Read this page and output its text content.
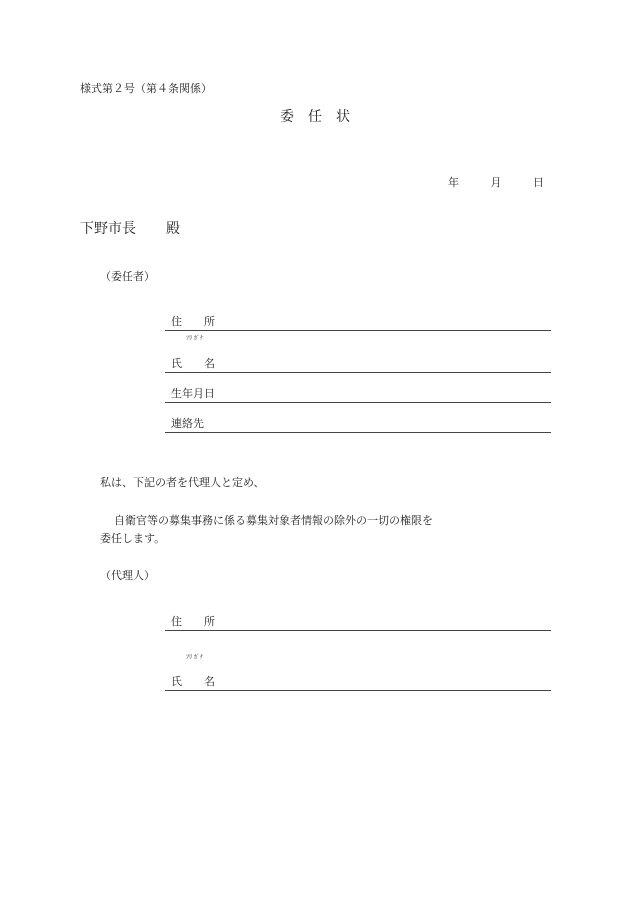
様式第２号（第４条関係）
委任状
年	月	日
下野市長 殿
（委任者）
住所
ﾌﾘ ｶﾞﾅ
氏名
生年月日
連絡先
私は、下記の者を代理人と定め、
自衛官等の募集事務に係る募集対象者情報の除外の一切の権限を
委任します。
（代理人）
住所
ﾌﾘ ｶﾞﾅ
氏名
